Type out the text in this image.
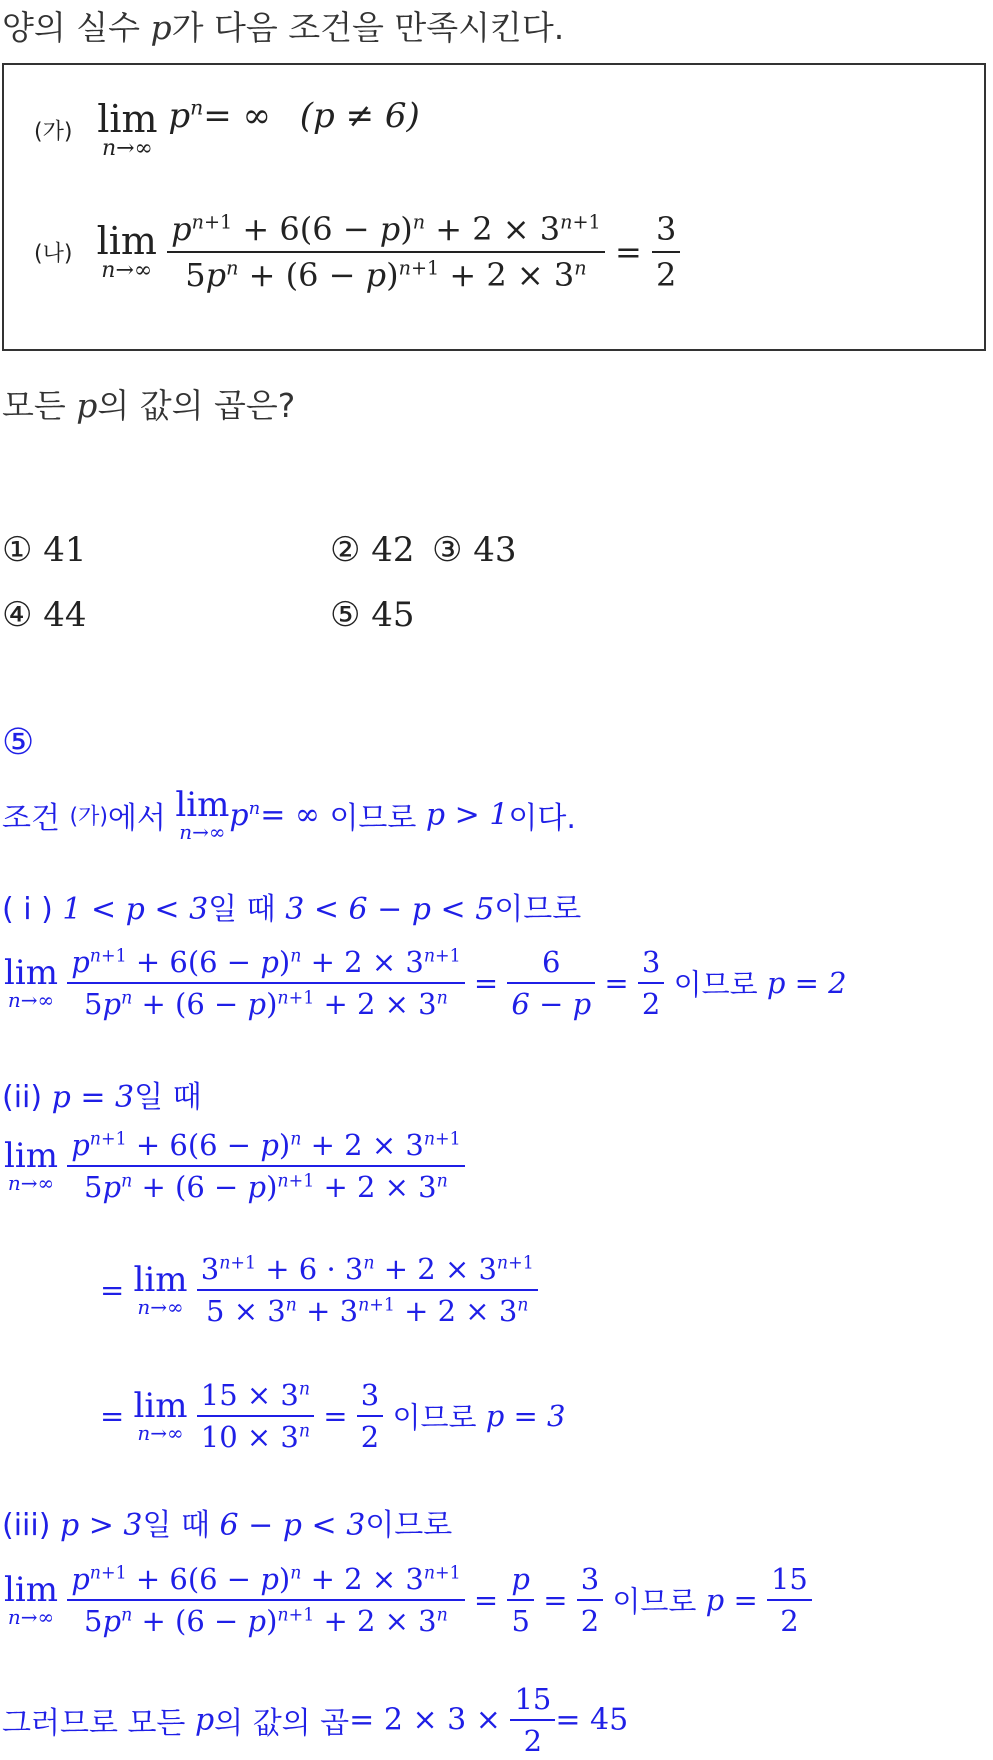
양의 실수 p가 다음 조건을 만족시킨다.
(가) lim
n→∞
$p^n=$ ∞ (p ≠ 6)
(나) lim
n→∞
$\frac{p^{n+1} + 6(6 - p)^n + 2 \times 3^{n+1}}{5p^n + (6 - p)^{n+1} + 2 \times 3^n} = \frac{3}{2}$
모든 p의 값의 곱은?
① 41	② 42 ③ 43
④ 44	⑤ 45
⑤
조건 (가)에서 lim
n→∞ $p^n=$ ∞ 이므로 p > 1이다.
( i ) 1 < p < 3일 때 3 < 6 − p < 5이므로
lim
n→∞
$\frac{p^{n+1} + 6(6 - p)^n + 2 \times 3^{n+1}}{5p^n + (6 - p)^{n+1} + 2 \times 3^n} = \frac{6}{6 - p} = \frac{3}{2}$ 이므로 p = 2
(ii) p = 3일 때
lim
n→∞
$\frac{p^{n+1} + 6(6 - p)^n + 2 \times 3^{n+1}}{5p^n + (6 - p)^{n+1} + 2 \times 3^n}$
= lim
n→∞
$\frac{3^{n+1} + 6 \cdot 3^n + 2 \times 3^{n+1}}{5 \times 3^n + 3^{n+1} + 2 \times 3^n}$
= lim
n→∞
$\frac{15 \times 3^n}{10 \times 3^n} = \frac{3}{2}$ 이므로 p = 3
(iii) p > 3일 때 6 − p < 3이므로
lim
n→∞
$\frac{p^{n+1} + 6(6 - p)^n + 2 \times 3^{n+1}}{5p^n + (6 - p)^{n+1} + 2 \times 3^n} = \frac{p}{5} = \frac{3}{2}$ 이므로 $p = \frac{15}{2}$
그러므로 모든 p의 값의 곱= $2 \times 3 \times \frac{15}{2} = 45$
